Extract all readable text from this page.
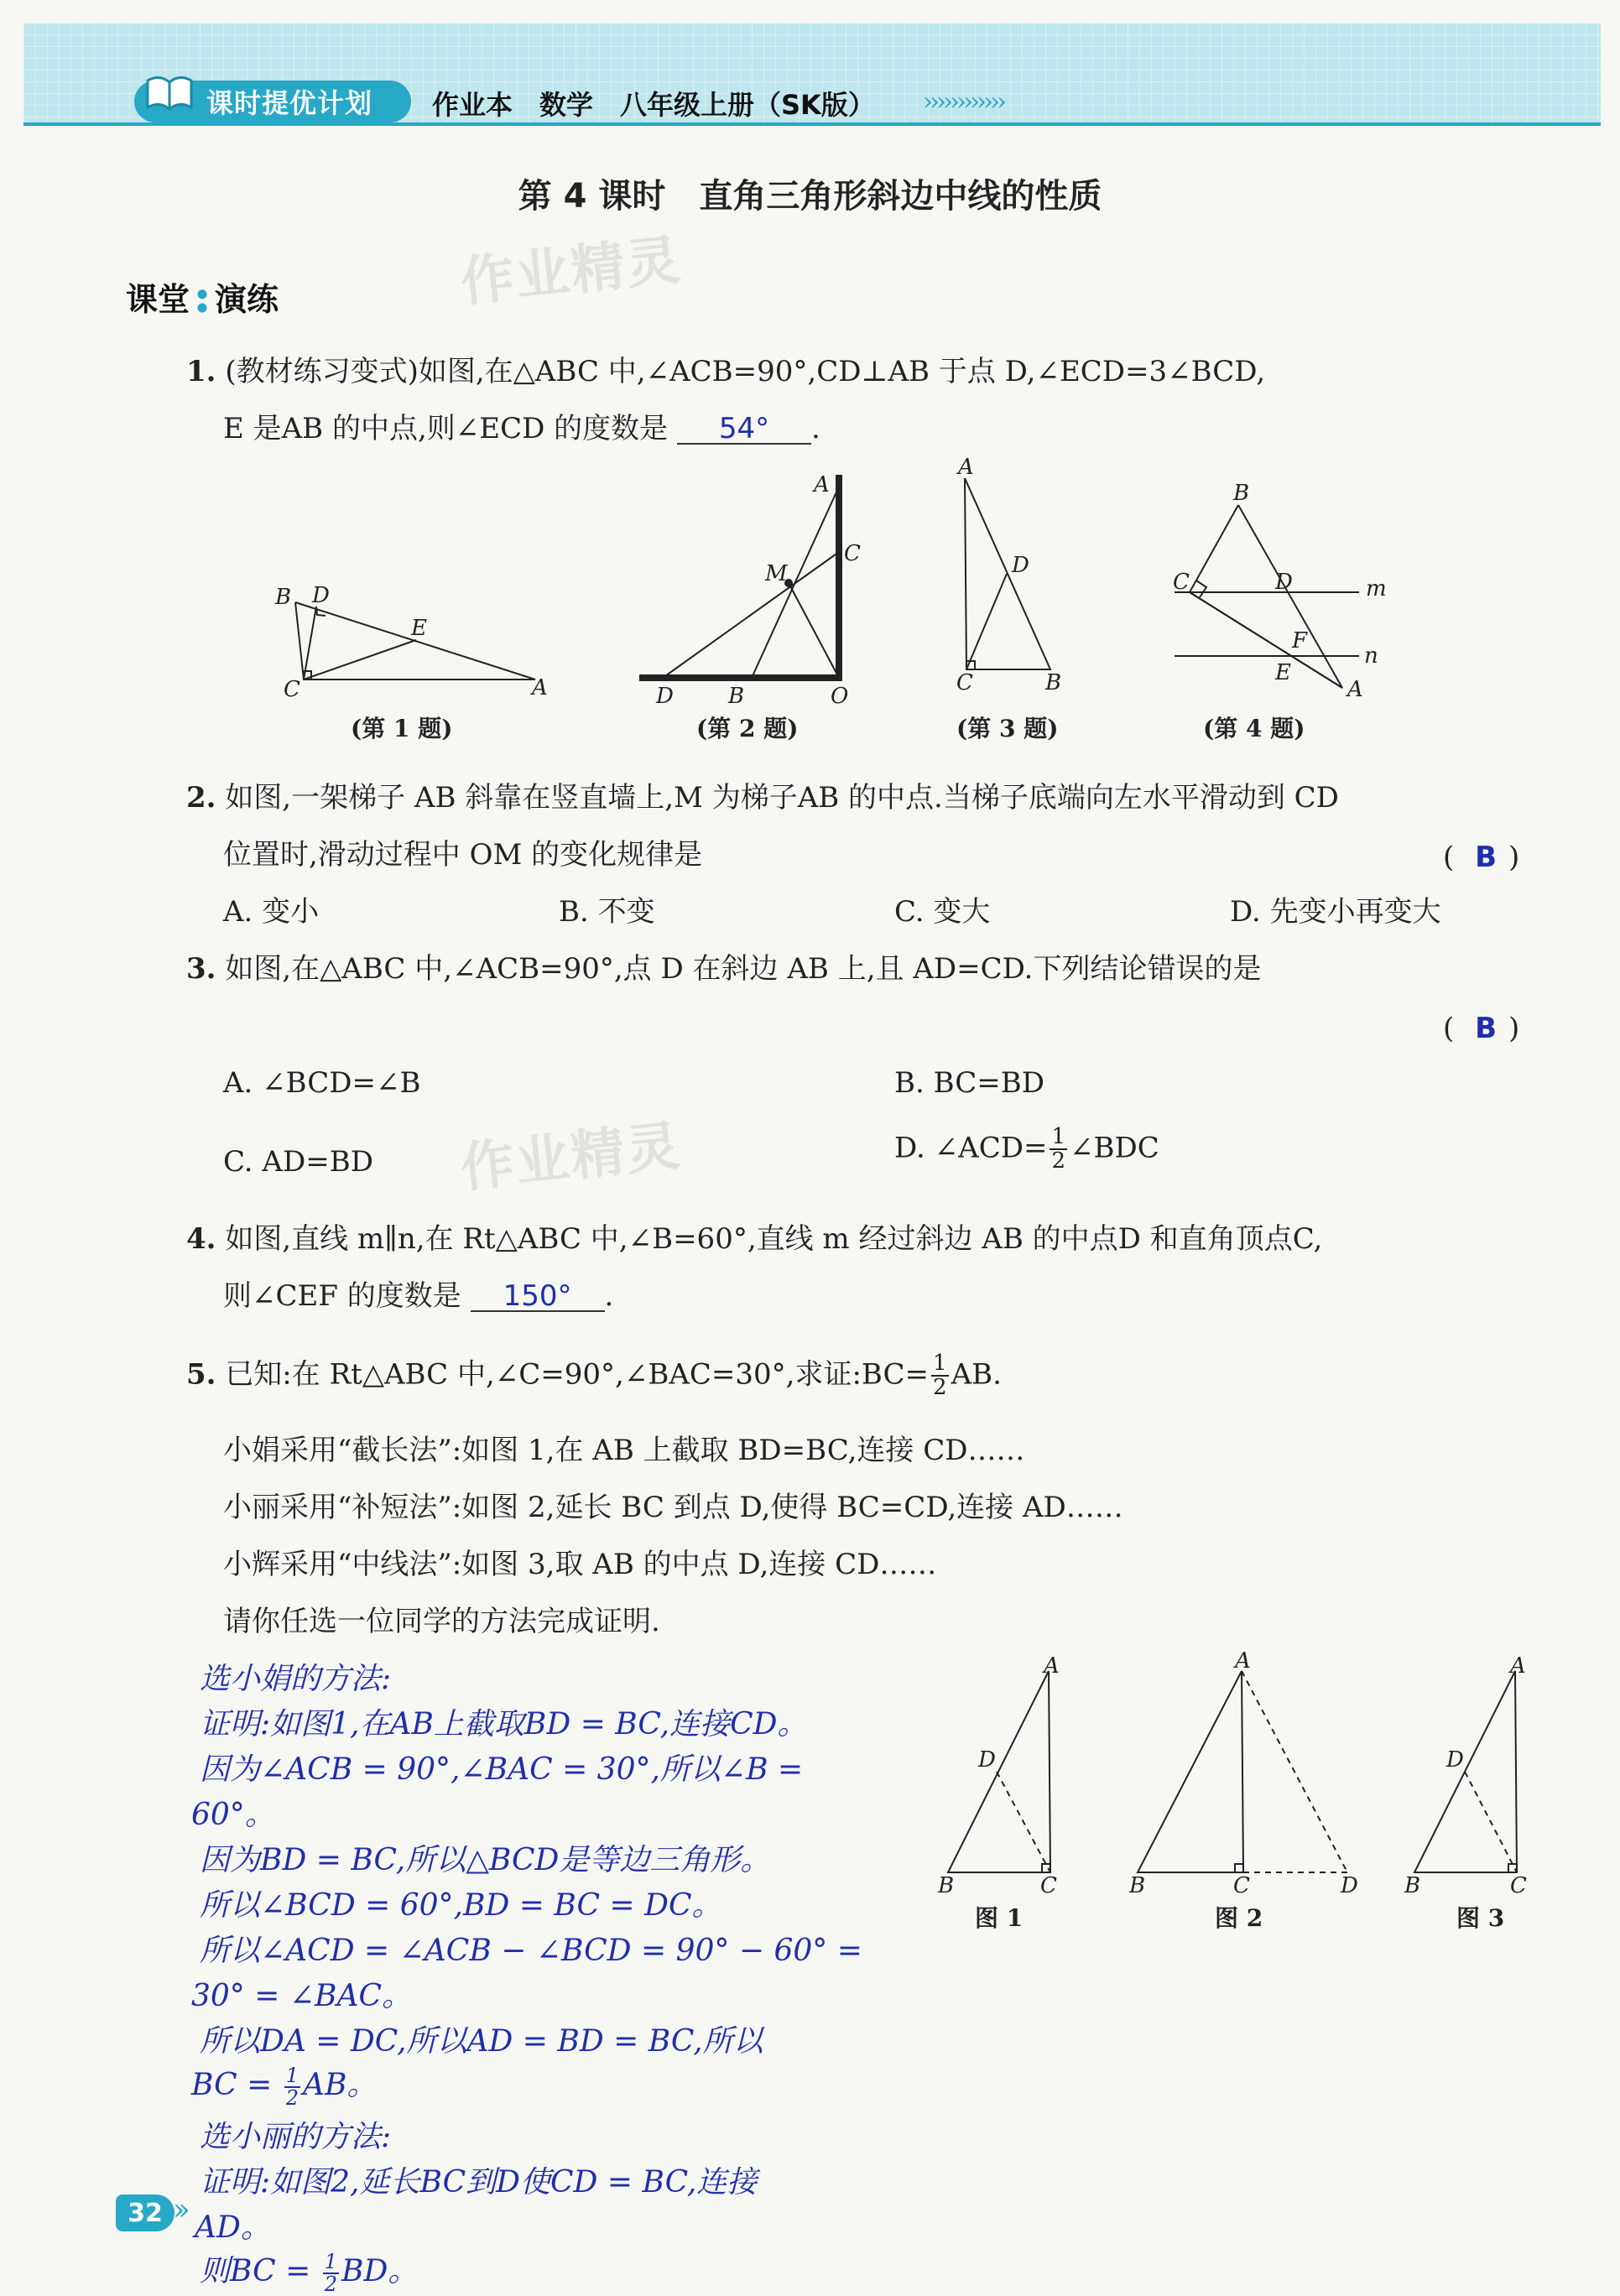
课时提优计划 作业本　数学　八年级上册（SK版） ››››››››››››
第 4 课时　直角三角形斜边中线的性质
作业精灵
作业精灵
课堂 演练
1. (教材练习变式)如图,在△ABC 中,∠ACB=90°,CD⊥AB 于点 D,∠ECD=3∠BCD,
E 是AB 的中点,则∠ECD 的度数是 54° .
B D
E
C	A
A
C
M
D	B	O
A
D
C	B
B
C	D	m
F
n
E
A
(第 1 题)	(第 2 题)	(第 3 题)	(第 4 题)
2. 如图,一架梯子 AB 斜靠在竖直墙上,M 为梯子AB 的中点.当梯子底端向左水平滑动到 CD
位置时,滑动过程中 OM 的变化规律是	( B )
A. 变小	B. 不变	C. 变大	D. 先变小再变大
3. 如图,在△ABC 中,∠ACB=90°,点 D 在斜边 AB 上,且 AD=CD.下列结论错误的是
( B )
A. ∠BCD=∠B	B. BC=BD
C. AD=BD	D. ∠ACD= $\frac{1}{2}$ ∠BDC
4. 如图,直线 m∥n,在 Rt△ABC 中,∠B=60°,直线 m 经过斜边 AB 的中点D 和直角顶点C,
则∠CEF 的度数是 150° .
5. 已知:在 Rt△ABC 中,∠C=90°,∠BAC=30°,求证:BC= $\frac{1}{2}$ AB.
小娟采用“截长法”:如图 1,在 AB 上截取 BD=BC,连接 CD……
小丽采用“补短法”:如图 2,延长 BC 到点 D,使得 BC=CD,连接 AD……
小辉采用“中线法”:如图 3,取 AB 的中点 D,连接 CD……
请你任选一位同学的方法完成证明.
选小娟的方法:
证明:如图1,在AB上截取BD = BC,连接CD。
因为∠ACB = 90°,∠BAC = 30°,所以∠B =
60°。
因为BD = BC,所以△BCD是等边三角形。
所以∠BCD = 60°,BD = BC = DC。
所以∠ACD = ∠ACB − ∠BCD = 90° − 60° =
30° = ∠BAC。
所以DA = DC,所以AD = BD = BC,所以
BC = $\frac{1}{2}$ AB。
选小丽的方法:
证明:如图2,延长BC到D使CD = BC,连接
AD。
则BC = $\frac{1}{2}$ BD。
A
D
B	C
A
B	C	D
A
D
B	C
图 1	图 2	图 3
32 ››
